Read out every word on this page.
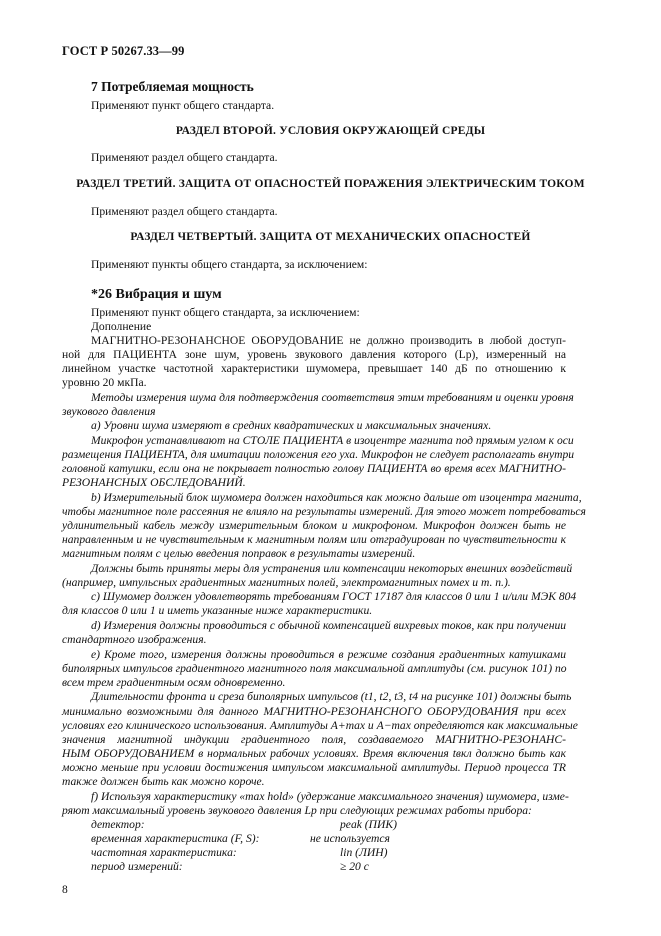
ГОСТ Р 50267.33—99
7 Потребляемая мощность
Применяют пункт общего стандарта.
РАЗДЕЛ ВТОРОЙ. УСЛОВИЯ ОКРУЖАЮЩЕЙ СРЕДЫ
Применяют раздел общего стандарта.
РАЗДЕЛ ТРЕТИЙ. ЗАЩИТА ОТ ОПАСНОСТЕЙ ПОРАЖЕНИЯ ЭЛЕКТРИЧЕСКИМ ТОКОМ
Применяют раздел общего стандарта.
РАЗДЕЛ ЧЕТВЕРТЫЙ. ЗАЩИТА ОТ МЕХАНИЧЕСКИХ ОПАСНОСТЕЙ
Применяют пункты общего стандарта, за исключением:
*26 Вибрация и шум
Применяют пункт общего стандарта, за исключением:
Дополнение
МАГНИТНО-РЕЗОНАНСНОЕ ОБОРУДОВАНИЕ не должно производить в любой доступ-
ной для ПАЦИЕНТА зоне шум, уровень звукового давления которого (Lp), измеренный на
линейном участке частотной характеристики шумомера, превышает 140 дБ по отношению к
уровню 20 мкПа.
Методы измерения шума для подтверждения соответствия этим требованиям и оценки уровня
звукового давления
a) Уровни шума измеряют в средних квадратических и максимальных значениях.
Микрофон устанавливают на СТОЛЕ ПАЦИЕНТА в изоцентре магнита под прямым углом к оси
размещения ПАЦИЕНТА, для имитации положения его уха. Микрофон не следует располагать внутри
головной катушки, если она не покрывает полностью голову ПАЦИЕНТА во время всех МАГНИТНО-
РЕЗОНАНСНЫХ ОБСЛЕДОВАНИЙ.
b) Измерительный блок шумомера должен находиться как можно дальше от изоцентра магнита,
чтобы магнитное поле рассеяния не влияло на результаты измерений. Для этого может потребоваться
удлинительный кабель между измерительным блоком и микрофоном. Микрофон должен быть не
направленным и не чувствительным к магнитным полям или отградуирован по чувствительности к
магнитным полям с целью введения поправок в результаты измерений.
Должны быть приняты меры для устранения или компенсации некоторых внешних воздействий
(например, импульсных градиентных магнитных полей, электромагнитных помех и т. п.).
c) Шумомер должен удовлетворять требованиям ГОСТ 17187 для классов 0 или 1 и/или МЭК 804
для классов 0 или 1 и иметь указанные ниже характеристики.
d) Измерения должны проводиться с обычной компенсацией вихревых токов, как при получении
стандартного изображения.
e) Кроме того, измерения должны проводиться в режиме создания градиентных катушками
биполярных импульсов градиентного магнитного поля максимальной амплитуды (см. рисунок 101) по
всем трем градиентным осям одновременно.
Длительности фронта и среза биполярных импульсов (t1, t2, t3, t4 на рисунке 101) должны быть
минимально возможными для данного МАГНИТНО-РЕЗОНАНСНОГО ОБОРУДОВАНИЯ при всех
условиях его клинического использования. Амплитуды A+max и A−max определяются как максимальные
значения магнитной индукции градиентного поля, создаваемого МАГНИТНО-РЕЗОНАНС-
НЫМ ОБОРУДОВАНИЕМ в нормальных рабочих условиях. Время включения tвкл должно быть как
можно меньше при условии достижения импульсом максимальной амплитуды. Период процесса TR
также должен быть как можно короче.
f) Используя характеристику «max hold» (удержание максимального значения) шумомера, изме-
ряют максимальный уровень звукового давления Lp при следующих режимах работы прибора:
детектор:	peak (ПИК)
временная характеристика (F, S):	не используется
частотная характеристика:	lin (ЛИН)
период измерений:	≥ 20 с
8
